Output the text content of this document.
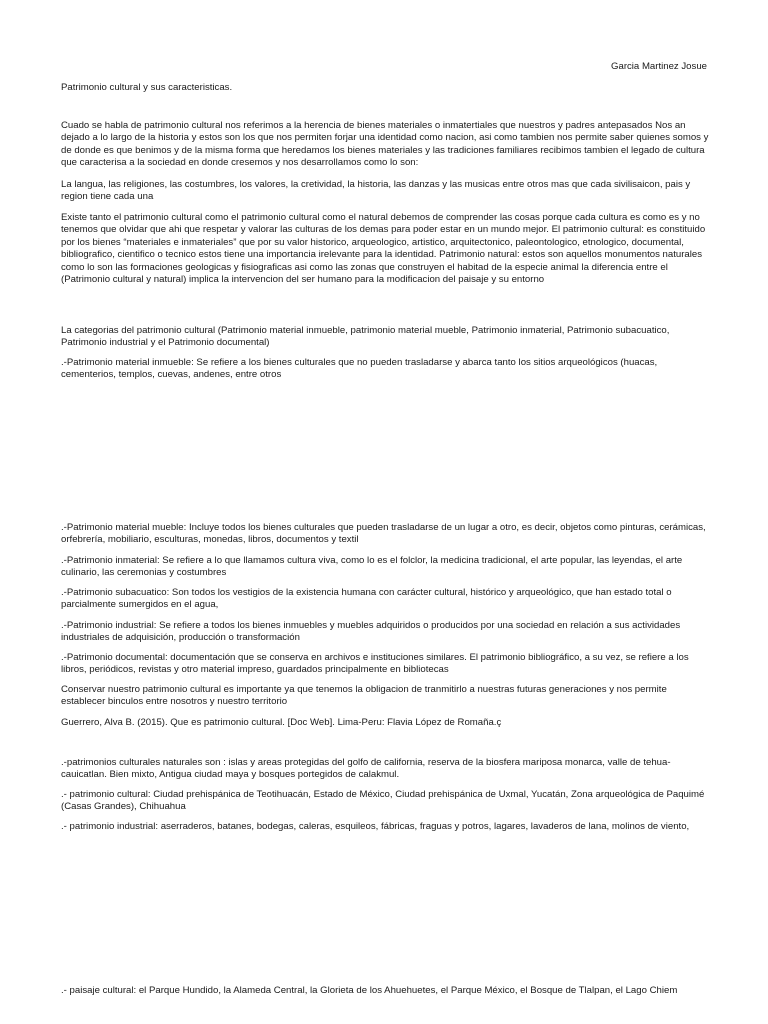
Garcia Martinez Josue
Patrimonio cultural y sus caracteristicas.

Cuado se habla de patrimonio cultural nos referimos a la herencia de bienes materiales o inmatertiales que nuestros y padres antepasados Nos an dejado a lo largo de la historia y estos son los que nos permiten forjar una identidad como nacion, asi como tambien nos permite saber quienes somos y de donde es que benimos y de la misma forma que heredamos los bienes materiales y las tradiciones familiares recibimos tambien el legado de cultura que caracterisa a la sociedad en donde cresemos y nos desarrollamos como lo son:

La langua, las religiones, las costumbres, los valores, la cretividad, la historia, las danzas y las musicas entre otros mas que cada sivilisaicon, pais y region tiene cada una

Existe tanto el patrimonio cultural como el patrimonio cultural como el natural debemos de comprender las cosas porque cada cultura es como es y no tenemos que olvidar que ahi que respetar y valorar las culturas de los demas para poder estar en un mundo mejor. El patrimonio cultural: es constituido por los bienes “materiales e inmateriales” que por su valor historico, arqueologico, artistico, arquitectonico, paleontologico, etnologico, documental, bibliografico, cientifico o tecnico estos tiene una importancia irelevante para la identidad. Patrimonio natural: estos son aquellos monumentos naturales como lo son las formaciones geologicas y fisiograficas asi como las zonas que construyen el habitad de la especie animal la diferencia entre el (Patrimonio cultural y natural) implica la intervencion del ser humano para la modificacion del paisaje y su entorno

La categorias del patrimonio cultural (Patrimonio material inmueble, patrimonio material mueble, Patrimonio inmaterial, Patrimonio subacuatico, Patrimonio industrial y el Patrimonio documental)

.-Patrimonio material inmueble: Se refiere a los bienes culturales que no pueden trasladarse y abarca tanto los sitios arqueológicos (huacas, cementerios, templos, cuevas, andenes, entre otros

.-Patrimonio material mueble: Incluye todos los bienes culturales que pueden trasladarse de un lugar a otro, es decir, objetos como pinturas, cerámicas, orfebrería, mobiliario, esculturas, monedas, libros, documentos y textil

.-Patrimonio inmaterial: Se refiere a lo que llamamos cultura viva, como lo es el folclor, la medicina tradicional, el arte popular, las leyendas, el arte culinario, las ceremonias y costumbres

.-Patrimonio subacuatico: Son todos los vestigios de la existencia humana con carácter cultural, histórico y arqueológico, que han estado total o parcialmente sumergidos en el agua,

.-Patrimonio industrial: Se refiere a todos los bienes inmuebles y muebles adquiridos o producidos por una sociedad en relación a sus actividades industriales de adquisición, producción o transformación

.-Patrimonio documental: documentación que se conserva en archivos e instituciones similares. El patrimonio bibliográfico, a su vez, se refiere a los libros, periódicos, revistas y otro material impreso, guardados principalmente en bibliotecas

Conservar nuestro patrimonio cultural es importante ya que tenemos la obligacion de tranmitirlo a nuestras futuras generaciones y nos permite establecer binculos entre nosotros y nuestro territorio

Guerrero, Alva B. (2015). Que es patrimonio cultural. [Doc Web]. Lima-Peru: Flavia López de Romaña.ç

.-patrimonios culturales naturales son : islas y areas protegidas del golfo de california, reserva de la biosfera mariposa monarca, valle de tehua-cauicatlan. Bien mixto, Antigua ciudad maya y bosques portegidos de calakmul.

.- patrimonio cultural: Ciudad prehispánica de Teotihuacán, Estado de México, Ciudad prehispánica de Uxmal, Yucatán, Zona arqueológica de Paquimé (Casas Grandes), Chihuahua

.- patrimonio industrial: aserraderos, batanes, bodegas, caleras, esquileos, fábricas, fraguas y potros, lagares, lavaderos de lana, molinos de viento,

.- paisaje cultural: el Parque Hundido, la Alameda Central, la Glorieta de los Ahuehuetes, el Parque México, el Bosque de Tlalpan, el Lago Chiem
